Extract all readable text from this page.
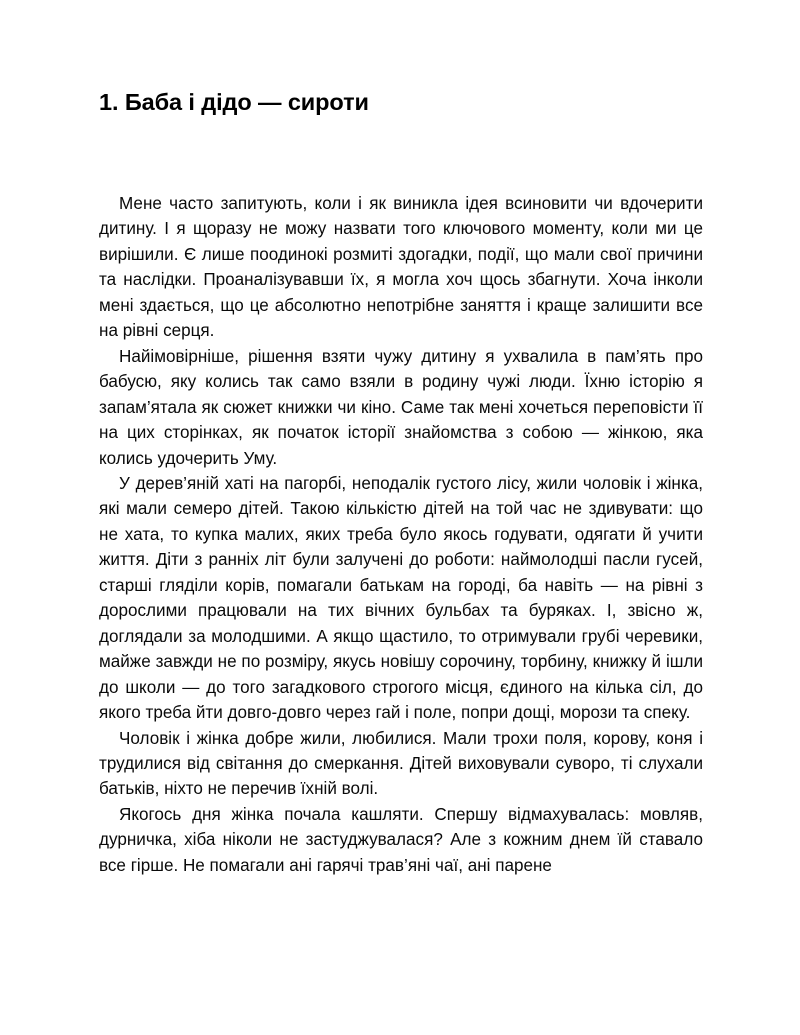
1. Баба і дідо — сироти

Мене часто запитують, коли і як виникла ідея всиновити чи вдочерити дитину. І я щоразу не можу назвати того ключового моменту, коли ми це вирішили. Є лише поодинокі розмиті здогадки, події, що мали свої причини та наслідки. Проаналізувавши їх, я могла хоч щось збагнути. Хоча інколи мені здається, що це абсолютно непотрібне заняття і краще залишити все на рівні серця.

Найімовірніше, рішення взяти чужу дитину я ухвалила в пам’ять про бабусю, яку колись так само взяли в родину чужі люди. Їхню історію я запам’ятала як сюжет книжки чи кіно. Саме так мені хочеться переповісти її на цих сторінках, як початок історії знайомства з собою — жінкою, яка колись удочерить Уму.

У дерев’яній хаті на пагорбі, неподалік густого лісу, жили чоловік і жінка, які мали семеро дітей. Такою кількістю дітей на той час не здивувати: що не хата, то купка малих, яких треба було якось годувати, одягати й учити життя. Діти з ранніх літ були залучені до роботи: наймолодші пасли гусей, старші гляділи корів, помагали батькам на городі, ба навіть — на рівні з дорослими працювали на тих вічних бульбах та буряках. І, звісно ж, доглядали за молодшими. А якщо щастило, то отримували грубі черевики, майже завжди не по розміру, якусь новішу сорочину, торбину, книжку й ішли до школи — до того загадкового строгого місця, єдиного на кілька сіл, до якого треба йти довго-довго через гай і поле, попри дощі, морози та спеку.

Чоловік і жінка добре жили, любилися. Мали трохи поля, корову, коня і трудилися від світання до смеркання. Дітей виховували суворо, ті слухали батьків, ніхто не перечив їхній волі.

Якогось дня жінка почала кашляти. Спершу відмахувалась: мовляв, дурничка, хіба ніколи не застуджувалася? Але з кожним днем їй ставало все гірше. Не помагали ані гарячі трав’яні чаї, ані парене
